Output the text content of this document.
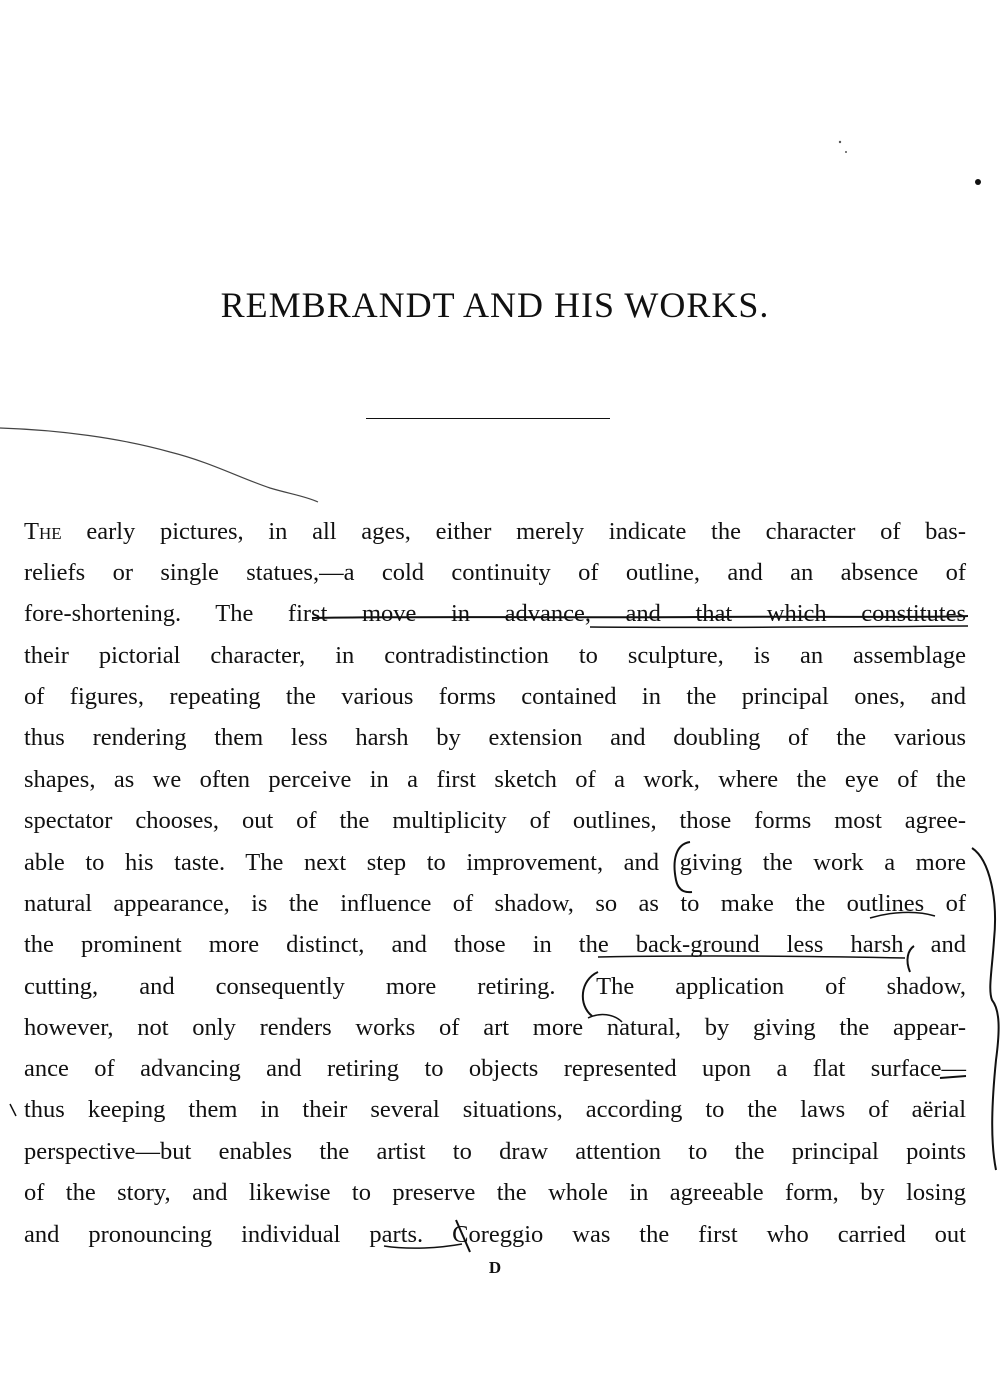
REMBRANDT AND HIS WORKS.
The early pictures, in all ages, either merely indicate the character of bas-
reliefs or single statues,—a cold continuity of outline, and an absence of
fore-shortening. The first move in advance, and that which constitutes
their pictorial character, in contradistinction to sculpture, is an assemblage
of figures, repeating the various forms contained in the principal ones, and
thus rendering them less harsh by extension and doubling of the various
shapes, as we often perceive in a first sketch of a work, where the eye of the
spectator chooses, out of the multiplicity of outlines, those forms most agree-
able to his taste. The next step to improvement, and giving the work a more
natural appearance, is the influence of shadow, so as to make the outlines of
the prominent more distinct, and those in the back-ground less harsh and
cutting, and consequently more retiring. The application of shadow,
however, not only renders works of art more natural, by giving the appear-
ance of advancing and retiring to objects represented upon a flat surface—
thus keeping them in their several situations, according to the laws of aërial
perspective—but enables the artist to draw attention to the principal points
of the story, and likewise to preserve the whole in agreeable form, by losing
and pronouncing individual parts. Coreggio was the first who carried out
D
